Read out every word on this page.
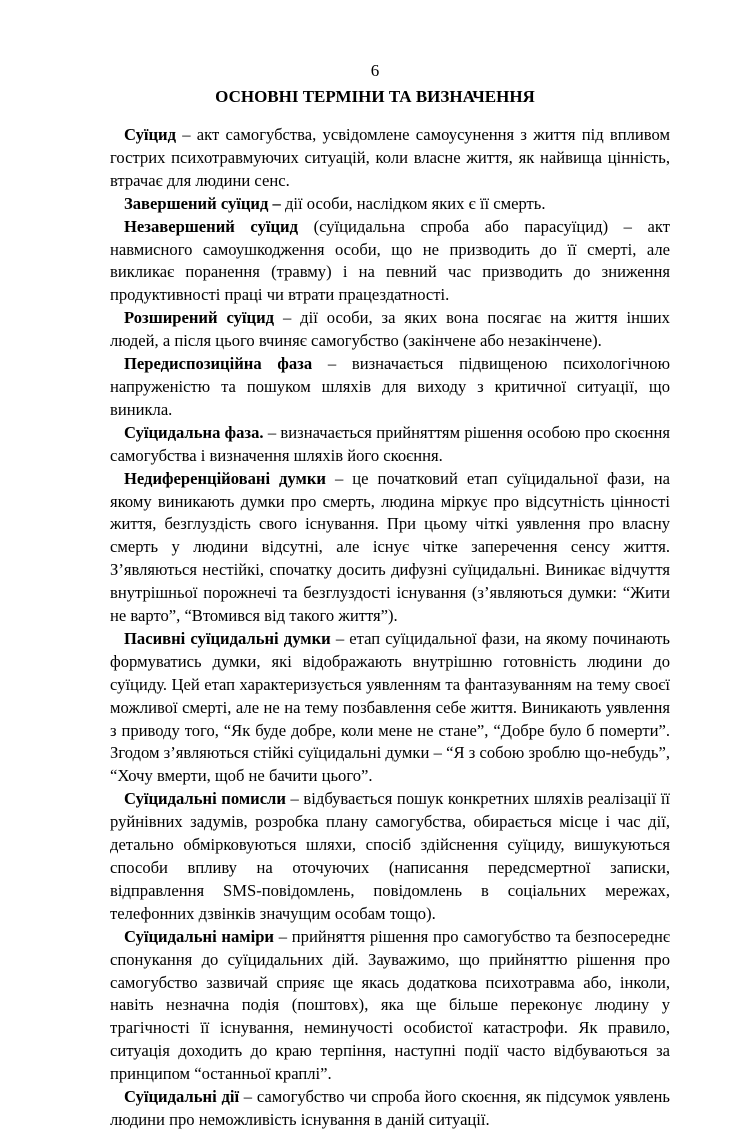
6
ОСНОВНІ ТЕРМІНИ ТА ВИЗНАЧЕННЯ

Суїцид – акт самогубства, усвідомлене самоусунення з життя під впливом гострих психотравмуючих ситуацій, коли власне життя, як найвища цінність, втрачає для людини сенс.

Завершений суїцид – дії особи, наслідком яких є її смерть.

Незавершений суїцид (суїцидальна спроба або парасуїцид) – акт навмисного самоушкодження особи, що не призводить до її смерті, але викликає поранення (травму) і на певний час призводить до зниження продуктивності праці чи втрати працездатності.

Розширений суїцид – дії особи, за яких вона посягає на життя інших людей, а після цього вчиняє самогубство (закінчене або незакінчене).

Передиспозиційна фаза – визначається підвищеною психологічною напруженістю та пошуком шляхів для виходу з критичної ситуації, що виникла.

Суїцидальна фаза. – визначається прийняттям рішення особою про скоєння самогубства і визначення шляхів його скоєння.

Недиференційовані думки – це початковий етап суїцидальної фази, на якому виникають думки про смерть, людина міркує про відсутність цінності життя, безглуздість свого існування. При цьому чіткі уявлення про власну смерть у людини відсутні, але існує чітке заперечення сенсу життя. З’являються нестійкі, спочатку досить дифузні суїцидальні. Виникає відчуття внутрішньої порожнечі та безглуздості існування (з’являються думки: “Жити не варто”, “Втомився від такого життя”).

Пасивні суїцидальні думки – етап суїцидальної фази, на якому починають формуватись думки, які відображають внутрішню готовність людини до суїциду. Цей етап характеризується уявленням та фантазуванням на тему своєї можливої смерті, але не на тему позбавлення себе життя. Виникають уявлення з приводу того, “Як буде добре, коли мене не стане”, “Добре було б померти”. Згодом з’являються стійкі суїцидальні думки – “Я з собою зроблю що-небудь”, “Хочу вмерти, щоб не бачити цього”.

Суїцидальні помисли – відбувається пошук конкретних шляхів реалізації її руйнівних задумів, розробка плану самогубства, обирається місце і час дії, детально обмірковуються шляхи, спосіб здійснення суїциду, вишукуються способи впливу на оточуючих (написання передсмертної записки, відправлення SMS-повідомлень, повідомлень в соціальних мережах, телефонних дзвінків значущим особам тощо).

Суїцидальні наміри – прийняття рішення про самогубство та безпосереднє спонукання до суїцидальних дій. Зауважимо, що прийняттю рішення про самогубство зазвичай сприяє ще якась додаткова психотравма або, інколи, навіть незначна подія (поштовх), яка ще більше переконує людину у трагічності її існування, неминучості особистої катастрофи. Як правило, ситуація доходить до краю терпіння, наступні події часто відбуваються за принципом “останньої краплі”.

Суїцидальні дії – самогубство чи спроба його скоєння, як підсумок уявлень людини про неможливість існування в даній ситуації.
